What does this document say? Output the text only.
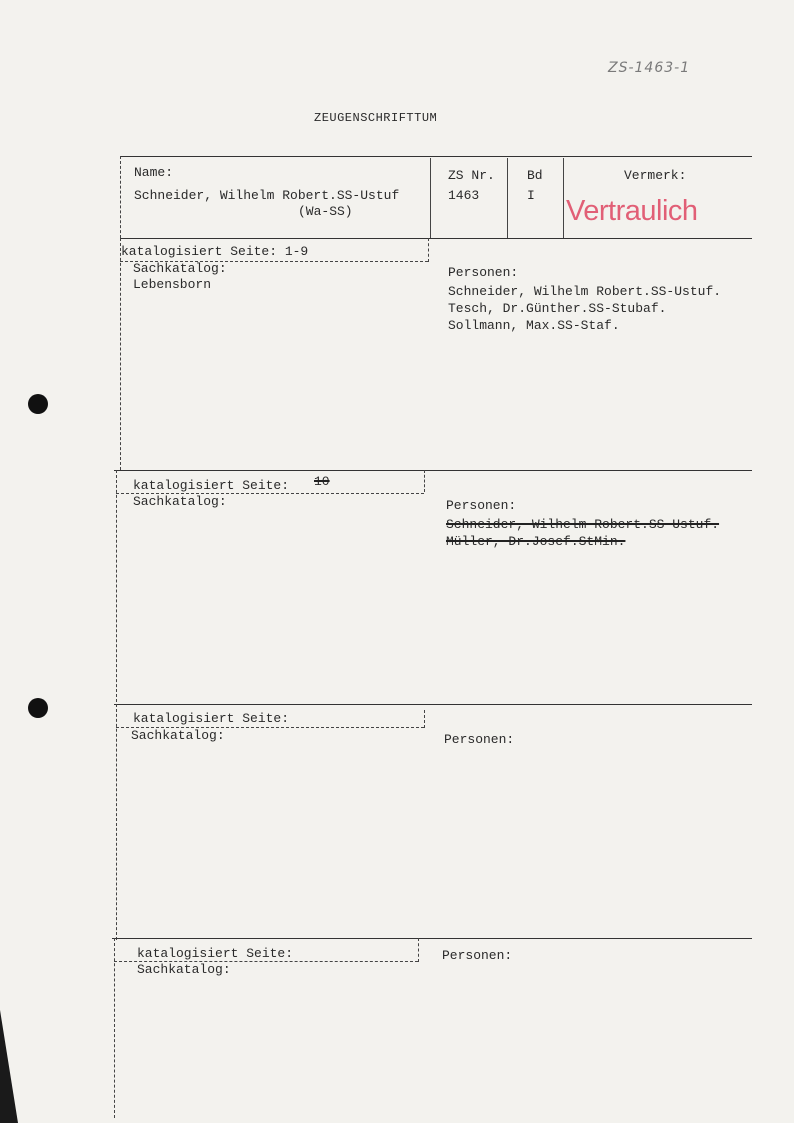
ZS-1463-1
ZEUGENSCHRIFTTUM
Name:
Schneider, Wilhelm Robert.SS-Ustuf
(Wa-SS)
ZS Nr.
1463
Bd
I
Vermerk:
Vertraulich
katalogisiert Seite: 1-9
Sachkatalog:
Lebensborn
Personen:
Schneider, Wilhelm Robert.SS-Ustuf.
Tesch, Dr.Günther.SS-Stubaf.
Sollmann, Max.SS-Staf.
katalogisiert Seite: 10
Sachkatalog:	Personen:
Schneider, Wilhelm Robert.SS-Ustuf.
Müller, Dr.Josef.StMin.
katalogisiert Seite:
Sachkatalog:	Personen:
katalogisiert Seite:
Sachkatalog:
Personen:
